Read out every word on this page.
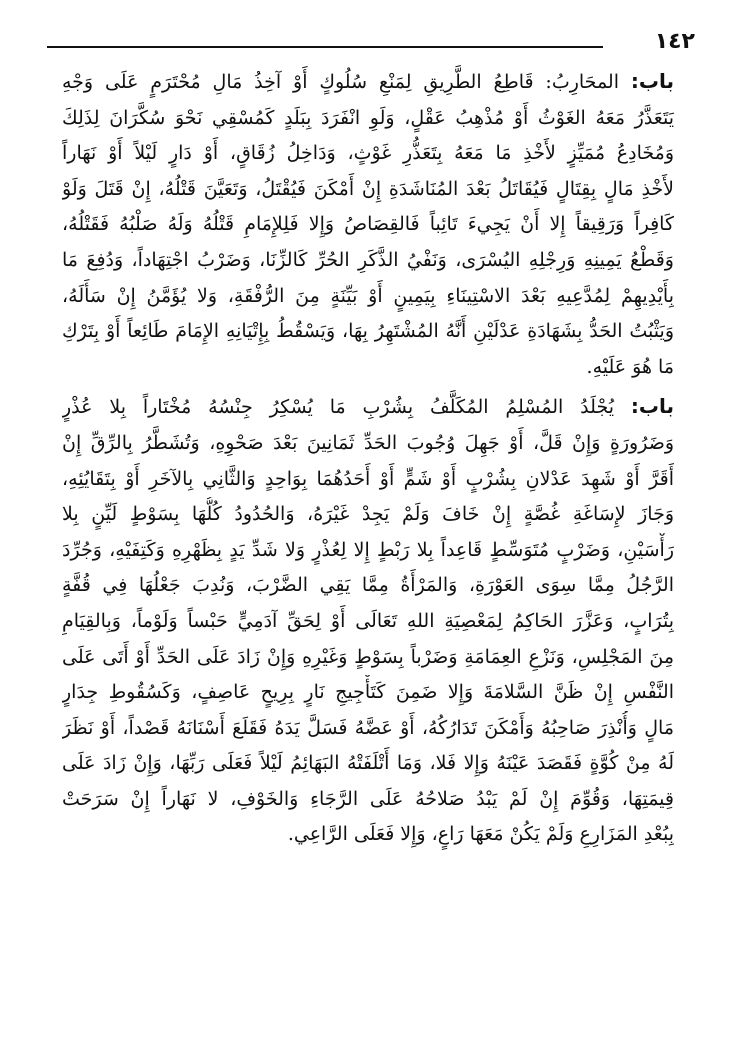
١٤٢
باب: المحَارِبُ: قَاطِعُ الطَّرِيقِ لِمَنْعِ سُلُوكٍ أَوْ آخِذُ مَالِ مُحْتَرَمٍ عَلَى وَجْهِ
يَتَعَذَّرُ مَعَهُ الغَوْثُ أَوْ مُذْهِبُ عَقْلٍ، وَلَوِ انْفَرَدَ بِبَلَدٍ كَمُسْقِي نَحْوَ سُكَّرَانَ لِذَلِكَ
وَمُخَادِعُ مُمَيِّزٍ لأَخْذِ مَا مَعَهُ بِتَعَذُّرِ غَوْثٍ، وَدَاخِلُ زُقَاقٍ، أَوْ دَارٍ لَيْلاً أَوْ نَهَاراً
لأَخْذِ مَالٍ بِقِتَالٍ فَيُقَاتَلُ بَعْدَ المُنَاشَدَةِ إِنْ أَمْكَنَ فَيُقْتَلُ، وَتَعَيَّنَ قَتْلُهُ، إِنْ قَتَلَ وَلَوْ
كَافِراً وَرَقِيقاً إِلا أَنْ يَجِيءَ تَائِباً فَالقِصَاصُ وَإِلا فَلِلإِمَامِ قَتْلُهُ وَلَهُ صَلْبُهُ فَقَتْلُهُ،
وَقَطْعُ يَمِينِهِ وَرِجْلِهِ اليُسْرَى، وَنَفْيُ الذَّكَرِ الحُرِّ كَالزِّنَا، وَضَرْبُ اجْتِهَاداً، وَدُفِعَ مَا
بِأَيْدِيهِمْ لِمُدَّعِيهِ بَعْدَ الاسْتِينَاءِ بِيَمِينٍ أَوْ بَيِّنَةٍ مِنَ الرُّفْقَةِ، وَلا يُؤَمَّنُ إِنْ سَأَلَهُ،
وَيَثْبُتُ الحَدُّ بِشَهَادَةِ عَدْلَيْنِ أَنَّهُ المُشْتَهِرُ بِهَا، وَيَسْقُطُ بِإِتْيَانِهِ الإِمَامَ طَائِعاً أَوْ بِتَرْكِ
مَا هُوَ عَلَيْهِ.
باب: يُجْلَدُ المُسْلِمُ المُكَلَّفُ بِشُرْبِ مَا يُسْكِرُ جِنْسُهُ مُخْتَاراً بِلا عُذْرٍ
وَضَرُورَةٍ وَإِنْ قَلَّ، أَوْ جَهِلَ وُجُوبَ الحَدِّ ثَمَانِينَ بَعْدَ صَحْوِهِ، وَتُشَطَّرُ بِالرِّقِّ إِنْ
أَقَرَّ أَوْ شَهِدَ عَدْلانِ بِشُرْبٍ أَوْ شَمٍّ أَوْ أَحَدُهُمَا بِوَاحِدٍ وَالثَّانِي بِالآخَرِ أَوْ بِتَقَايُئِهِ،
وَجَازَ لإِسَاغَةِ غُصَّةٍ إِنْ خَافَ وَلَمْ يَجِدْ غَيْرَهُ، وَالحُدُودُ كُلُّهَا بِسَوْطٍ لَيِّنٍ بِلا
رَأْسَيْنِ، وَضَرْبٍ مُتَوَسِّطٍ قَاعِداً بِلا رَبْطٍ إِلا لِعُذْرٍ وَلا شَدِّ يَدٍ بِظَهْرِهِ وَكَتِفَيْهِ، وَجُرِّدَ
الرَّجُلُ مِمَّا سِوَى العَوْرَةِ، وَالمَرْأَةُ مِمَّا يَقِي الضَّرْبَ، وَنُدِبَ جَعْلُهَا فِي قُفَّةٍ
بِتُرَابٍ، وَعَزَّرَ الحَاكِمُ لِمَعْصِيَةِ اللهِ تَعَالَى أَوْ لِحَقِّ آدَمِيٍّ حَبْساً وَلَوْماً، وَبِالقِيَامِ
مِنَ المَجْلِسِ، وَنَزْعِ العِمَامَةِ وَضَرْباً بِسَوْطٍ وَغَيْرِهِ وَإِنْ زَادَ عَلَى الحَدِّ أَوْ أَتَى عَلَى
النَّفْسِ إِنْ ظَنَّ السَّلامَةَ وَإِلا ضَمِنَ كَتَأْجِيجِ نَارٍ بِرِيحٍ عَاصِفٍ، وَكَسُقُوطِ جِدَارٍ
مَالٍ وَأُنْذِرَ صَاحِبُهُ وَأَمْكَنَ تَدَارُكُهُ، أَوْ عَضَّهُ فَسَلَّ يَدَهُ فَقَلَعَ أَسْنَانَهُ قَصْداً، أَوْ نَظَرَ
لَهُ مِنْ كُوَّةٍ فَقَصَدَ عَيْنَهُ وَإِلا فَلا، وَمَا أَتْلَفَتْهُ البَهَائِمُ لَيْلاً فَعَلَى رَبِّهَا، وَإِنْ زَادَ عَلَى
قِيمَتِهَا، وَقُوِّمَ إِنْ لَمْ يَبْدُ صَلاحُهُ عَلَى الرَّجَاءِ وَالخَوْفِ، لا نَهَاراً إِنْ سَرَحَتْ
بِبُعْدِ المَزَارِعِ وَلَمْ يَكُنْ مَعَهَا رَاعٍ، وَإِلا فَعَلَى الرَّاعِي.
